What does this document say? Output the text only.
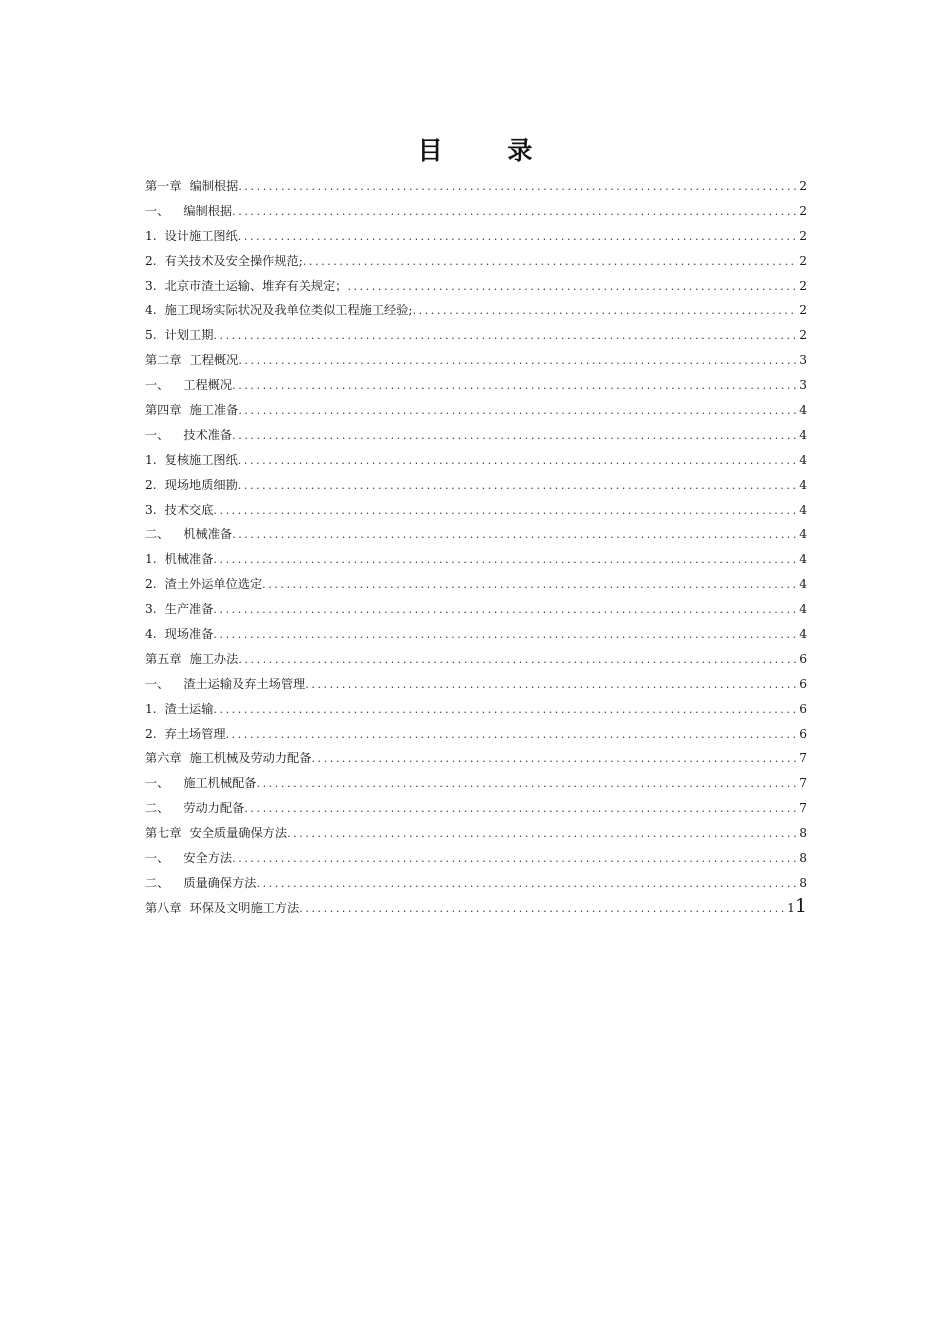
目 录
第一章 编制根据 .....	2
一、 编制根据 .....	2
1. 设计施工图纸 .....	2
2. 有关技术及安全操作规范; .....	2
3. 北京市渣土运输、堆弃有关规定； .....	2
4. 施工现场实际状况及我单位类似工程施工经验; .....	2
5. 计划工期 .....	2
第二章 工程概况 .....	3
一、 工程概况 .....	3
第四章 施工准备 .....	4
一、 技术准备 .....	4
1. 复核施工图纸 .....	4
2. 现场地质细勘 .....	4
3. 技术交底 .....	4
二、 机械准备 .....	4
1. 机械准备 .....	4
2. 渣土外运单位选定 .....	4
3. 生产准备 .....	4
4. 现场准备 .....	4
第五章 施工办法 .....	6
一、 渣土运输及弃土场管理 .....	6
1. 渣土运输 .....	6
2. 弃土场管理 .....	6
第六章 施工机械及劳动力配备 .....	7
一、 施工机械配备 .....	7
二、 劳动力配备 .....	7
第七章 安全质量确保方法 .....	8
一、 安全方法 .....	8
二、 质量确保方法 .....	8
第八章 环保及文明施工方法 .....	11
